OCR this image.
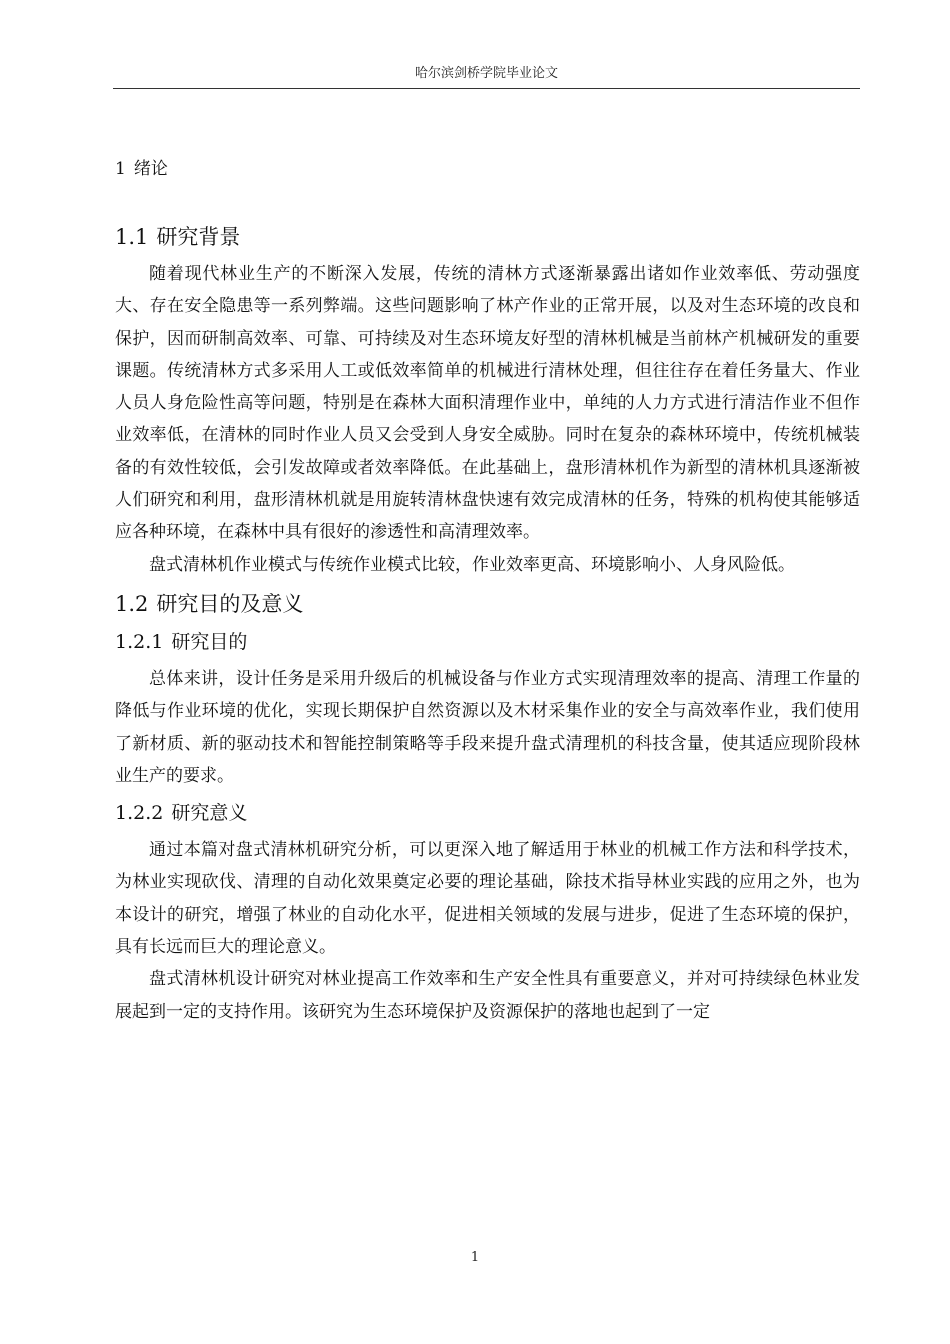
哈尔滨剑桥学院毕业论文
1 绪论
1.1 研究背景

随着现代林业生产的不断深入发展，传统的清林方式逐渐暴露出诸如作业效率低、劳动强度大、存在安全隐患等一系列弊端。这些问题影响了林产作业的正常开展，以及对生态环境的改良和保护，因而研制高效率、可靠、可持续及对生态环境友好型的清林机械是当前林产机械研发的重要课题。传统清林方式多采用人工或低效率简单的机械进行清林处理，但往往存在着任务量大、作业人员人身危险性高等问题，特别是在森林大面积清理作业中，单纯的人力方式进行清洁作业不但作业效率低，在清林的同时作业人员又会受到人身安全威胁。同时在复杂的森林环境中，传统机械装备的有效性较低，会引发故障或者效率降低。在此基础上，盘形清林机作为新型的清林机具逐渐被人们研究和利用，盘形清林机就是用旋转清林盘快速有效完成清林的任务，特殊的机构使其能够适应各种环境，在森林中具有很好的渗透性和高清理效率。

盘式清林机作业模式与传统作业模式比较，作业效率更高、环境影响小、人身风险低。

1.2 研究目的及意义
1.2.1 研究目的

总体来讲，设计任务是采用升级后的机械设备与作业方式实现清理效率的提高、清理工作量的降低与作业环境的优化，实现长期保护自然资源以及木材采集作业的安全与高效率作业，我们使用了新材质、新的驱动技术和智能控制策略等手段来提升盘式清理机的科技含量，使其适应现阶段林业生产的要求。

1.2.2 研究意义

通过本篇对盘式清林机研究分析，可以更深入地了解适用于林业的机械工作方法和科学技术，为林业实现砍伐、清理的自动化效果奠定必要的理论基础，除技术指导林业实践的应用之外，也为本设计的研究，增强了林业的自动化水平，促进相关领域的发展与进步，促进了生态环境的保护，具有长远而巨大的理论意义。

盘式清林机设计研究对林业提高工作效率和生产安全性具有重要意义，并对可持续绿色林业发展起到一定的支持作用。该研究为生态环境保护及资源保护的落地也起到了一定

1
